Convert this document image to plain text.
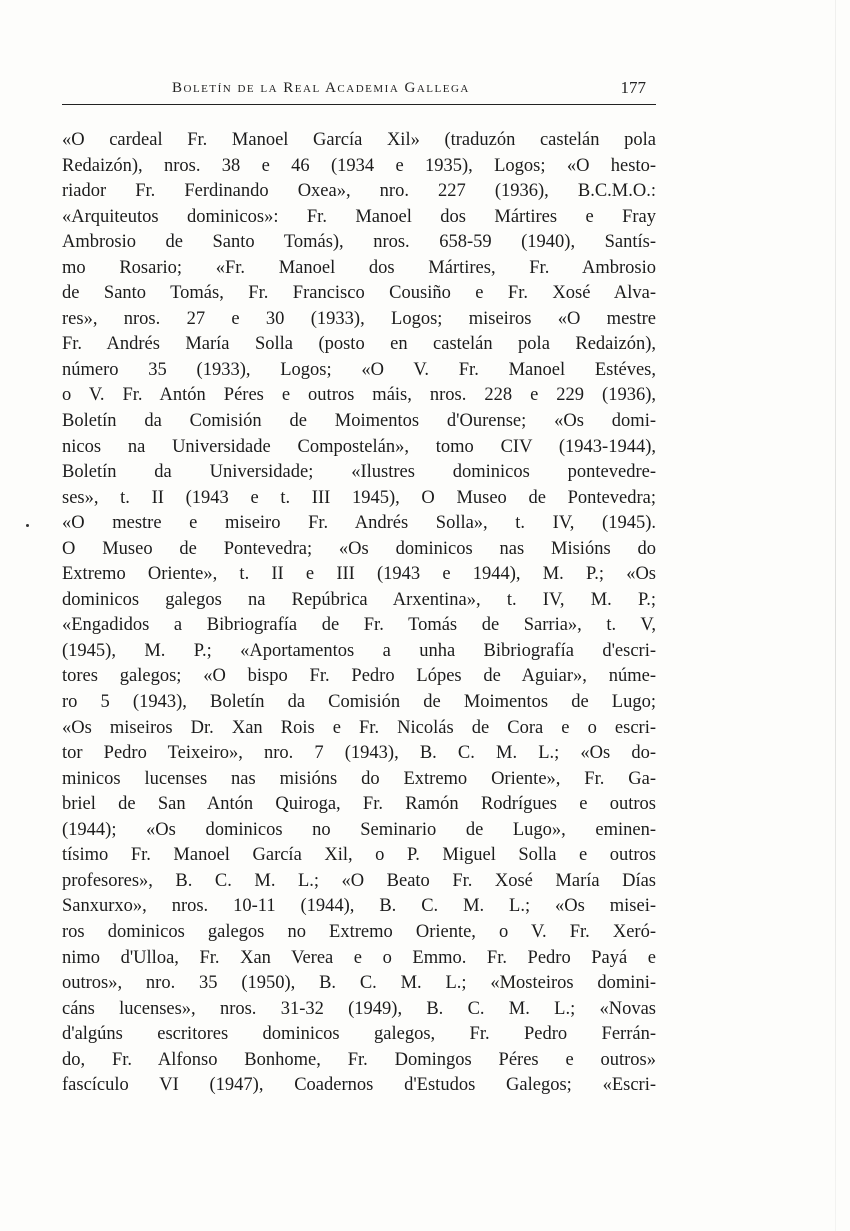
Boletín de la Real Academia Gallega	177
«O cardeal Fr. Manoel García Xil» (traduzón castelán pola
Redaizón), nros. 38 e 46 (1934 e 1935), Logos; «O hesto-
riador Fr. Ferdinando Oxea», nro. 227 (1936), B.C.M.O.:
«Arquiteutos dominicos»: Fr. Manoel dos Mártires e Fray
Ambrosio de Santo Tomás), nros. 658-59 (1940), Santís-
mo Rosario; «Fr. Manoel dos Mártires, Fr. Ambrosio
de Santo Tomás, Fr. Francisco Cousiño e Fr. Xosé Alva-
res», nros. 27 e 30 (1933), Logos; miseiros «O mestre
Fr. Andrés María Solla (posto en castelán pola Redaizón),
número 35 (1933), Logos; «O V. Fr. Manoel Estéves,
o V. Fr. Antón Péres e outros máis, nros. 228 e 229 (1936),
Boletín da Comisión de Moimentos d'Ourense; «Os domi-
nicos na Universidade Compostelán», tomo CIV (1943-1944),
Boletín da Universidade; «Ilustres dominicos pontevedre-
ses», t. II (1943 e t. III 1945), O Museo de Pontevedra;
«O mestre e miseiro Fr. Andrés Solla», t. IV, (1945).
O Museo de Pontevedra; «Os dominicos nas Misións do
Extremo Oriente», t. II e III (1943 e 1944), M. P.; «Os
dominicos galegos na Repúbrica Arxentina», t. IV, M. P.;
«Engadidos a Bibriografía de Fr. Tomás de Sarria», t. V,
(1945), M. P.; «Aportamentos a unha Bibriografía d'escri-
tores galegos; «O bispo Fr. Pedro Lópes de Aguiar», núme-
ro 5 (1943), Boletín da Comisión de Moimentos de Lugo;
«Os miseiros Dr. Xan Rois e Fr. Nicolás de Cora e o escri-
tor Pedro Teixeiro», nro. 7 (1943), B. C. M. L.; «Os do-
minicos lucenses nas misións do Extremo Oriente», Fr. Ga-
briel de San Antón Quiroga, Fr. Ramón Rodrígues e outros
(1944); «Os dominicos no Seminario de Lugo», eminen-
tísimo Fr. Manoel García Xil, o P. Miguel Solla e outros
profesores», B. C. M. L.; «O Beato Fr. Xosé María Días
Sanxurxo», nros. 10-11 (1944), B. C. M. L.; «Os misei-
ros dominicos galegos no Extremo Oriente, o V. Fr. Xeró-
nimo d'Ulloa, Fr. Xan Verea e o Emmo. Fr. Pedro Payá e
outros», nro. 35 (1950), B. C. M. L.; «Mosteiros domini-
cáns lucenses», nros. 31-32 (1949), B. C. M. L.; «Novas
d'algúns escritores dominicos galegos, Fr. Pedro Ferrán-
do, Fr. Alfonso Bonhome, Fr. Domingos Péres e outros»
fascículo VI (1947), Coadernos d'Estudos Galegos; «Escri-
